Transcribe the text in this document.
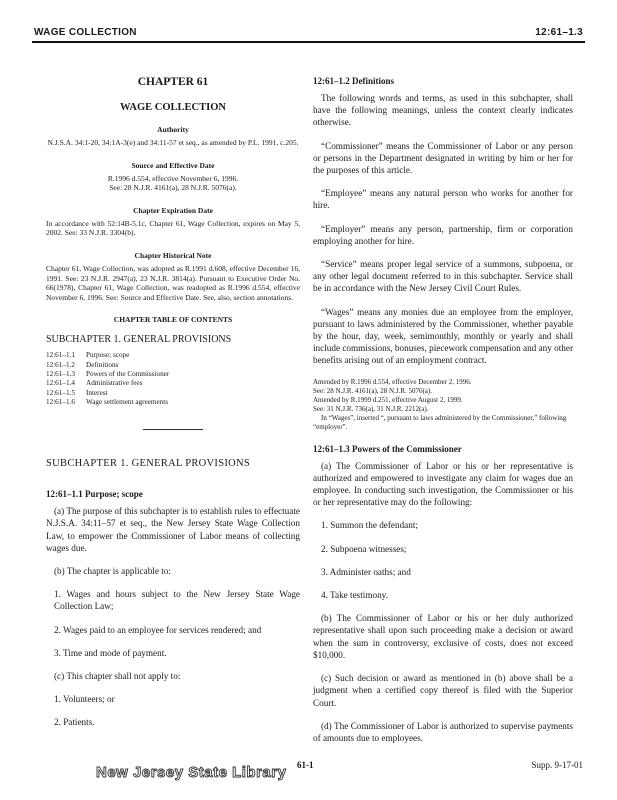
WAGE COLLECTION	12:61–1.3
CHAPTER 61
WAGE COLLECTION
Authority
N.J.S.A. 34:1-20, 34:1A-3(e) and 34:11-57 et seq., as amended by P.L. 1991, c.205.
Source and Effective Date
R.1996 d.554, effective November 6, 1996.
See: 28 N.J.R. 4161(a), 28 N.J.R. 5076(a).
Chapter Expiration Date
In accordance with 52:14B-5.1c, Chapter 61, Wage Collection, expires on May 5, 2002. See: 33 N.J.R. 3304(b).
Chapter Historical Note
Chapter 61, Wage Collection, was adopted as R.1991 d.608, effective December 16, 1991. See: 23 N.J.R. 2947(a), 23 N.J.R. 3814(a). Pursuant to Executive Order No. 66(1978), Chapter 61, Wage Collection, was readopted as R.1996 d.554, effective November 6, 1996. See: Source and Effective Date. See, also, section annotations.
CHAPTER TABLE OF CONTENTS
SUBCHAPTER 1. GENERAL PROVISIONS
12:61–1.1 Purpose; scope
12:61–1.2 Definitions
12:61–1.3 Powers of the Commissioner
12:61–1.4 Administrative fees
12:61–1.5 Interest
12:61–1.6 Wage settlement agreements
SUBCHAPTER 1. GENERAL PROVISIONS
12:61–1.1 Purpose; scope
(a) The purpose of this subchapter is to establish rules to effectuate N.J.S.A. 34:11–57 et seq., the New Jersey State Wage Collection Law, to empower the Commissioner of Labor means of collecting wages due.
(b) The chapter is applicable to:
1. Wages and hours subject to the New Jersey State Wage Collection Law;
2. Wages paid to an employee for services rendered; and
3. Time and mode of payment.
(c) This chapter shall not apply to:
1. Volunteers; or
2. Patients.
12:61–1.2 Definitions
The following words and terms, as used in this subchapter, shall have the following meanings, unless the context clearly indicates otherwise.
“Commissioner” means the Commissioner of Labor or any person or persons in the Department designated in writing by him or her for the purposes of this article.
“Employee” means any natural person who works for another for hire.
“Employer” means any person, partnership, firm or corporation employing another for hire.
“Service” means proper legal service of a summons, subpoena, or any other legal document referred to in this subchapter. Service shall be in accordance with the New Jersey Civil Court Rules.
“Wages” means any monies due an employee from the employer, pursuant to laws administered by the Commissioner, whether payable by the hour, day, week, semimonthly, monthly or yearly and shall include commissions, bonuses, piecework compensation and any other benefits arising out of an employment contract.
Amended by R.1996 d.554, effective December 2, 1996.
See: 28 N.J.R. 4161(a), 28 N.J.R. 5076(a).
Amended by R.1999 d.251, effective August 2, 1999.
See: 31 N.J.R. 736(a), 31 N.J.R. 2212(a).
In “Wages”, inserted “, pursuant to laws administered by the Commissioner,” following “employer”.
12:61–1.3 Powers of the Commissioner
(a) The Commissioner of Labor or his or her representative is authorized and empowered to investigate any claim for wages due an employee. In conducting such investigation, the Commissioner or his or her representative may do the following:
1. Summon the defendant;
2. Subpoena witnesses;
3. Administer oaths; and
4. Take testimony.
(b) The Commissioner of Labor or his or her duly authorized representative shall upon such proceeding make a decision or award when the sum in controversy, exclusive of costs, does not exceed $10,000.
(c) Such decision or award as mentioned in (b) above shall be a judgment when a certified copy thereof is filed with the Superior Court.
(d) The Commissioner of Labor is authorized to supervise payments of amounts due to employees.
New Jersey State Library 61-1	Supp. 9-17-01
